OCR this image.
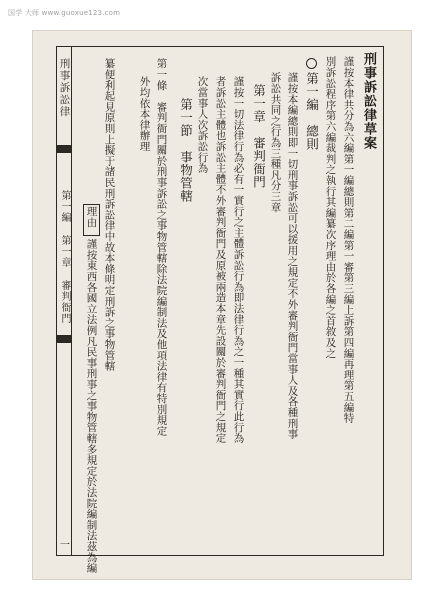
国学 大师 www.guoxue123.com
刑事訴訟律
第一編 第一章 審判衙門
一
刑事訴訟律草案
謹按本律共分為六編第一編總則第二編第一審第三編上訴第四編再理第五編特
別訴訟程序第六編裁判之執行其編纂次序理由於各編之首敘及之
第一編　總則
謹按本編總則即一切刑事訴訟可以援用之規定不外審判衙門當事人及各種刑事
訴訟共同之行為三種凡分三章
第一章　審判衙門
謹按一切法律行為必有一實行之主體訴訟行為即法律行為之一種其實行此行為
者訴訟主體也訴訟主體不外審判衙門及原被兩造本章先設關於審判衙門之規定
次當事人次訴訟行為
第一節　事物管轄
第一條　審判衙門關於刑事訴訟之事物管轄除法院編制法及他項法律有特別規定
外均依本律辦理
理由　謹按東西各國立法例凡民事刑事之事物管轄多規定於法院編制法茲為編 纂便利起見原則上擬于諸民刑訴訟律中故本條明定刑訴之事物管轄
